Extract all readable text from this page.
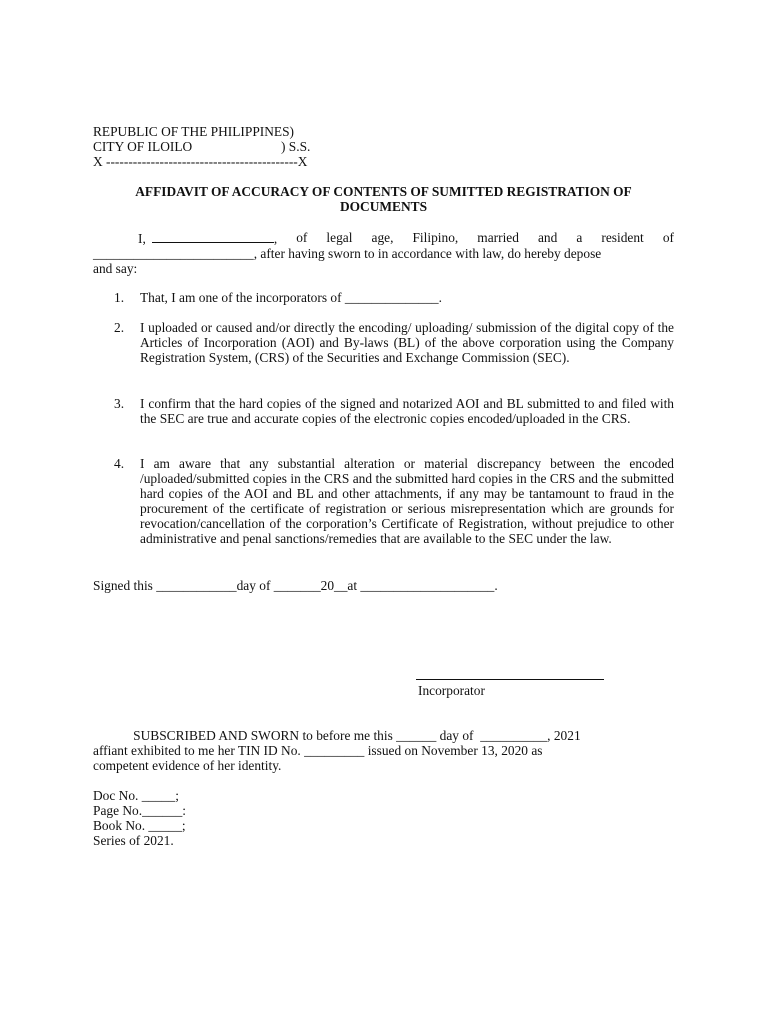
REPUBLIC OF THE PHILIPPINES)
CITY OF ILOILO	) S.S.
X -------------------------------------------X
AFFIDAVIT OF ACCURACY OF CONTENTS OF SUMITTED REGISTRATION OF DOCUMENTS
I,	, of legal age, Filipino, married and a resident of
________________________, after having sworn to in accordance with law, do hereby depose
and say:
1.	That, I am one of the incorporators of ______________.
2.	I uploaded or caused and/or directly the encoding/ uploading/ submission of the digital copy of the Articles of Incorporation (AOI) and By-laws (BL) of the above corporation using the Company Registration System, (CRS) of the Securities and Exchange Commission (SEC).
3.	I confirm that the hard copies of the signed and notarized AOI and BL submitted to and filed with the SEC are true and accurate copies of the electronic copies encoded/uploaded in the CRS.
4.	I am aware that any substantial alteration or material discrepancy between the encoded /uploaded/submitted copies in the CRS and the submitted hard copies in the CRS and the submitted hard copies of the AOI and BL and other attachments, if any may be tantamount to fraud in the procurement of the certificate of registration or serious misrepresentation which are grounds for revocation/cancellation of the corporation’s Certificate of Registration, without prejudice to other administrative and penal sanctions/remedies that are available to the SEC under the law.
Signed this ____________day of _______20__at ____________________.
Incorporator
SUBSCRIBED AND SWORN to before me this ______ day of  __________, 2021
affiant exhibited to me her TIN ID No. _________ issued on November 13, 2020 as
competent evidence of her identity.
Doc No. _____;
Page No.______:
Book No. _____;
Series of 2021.
